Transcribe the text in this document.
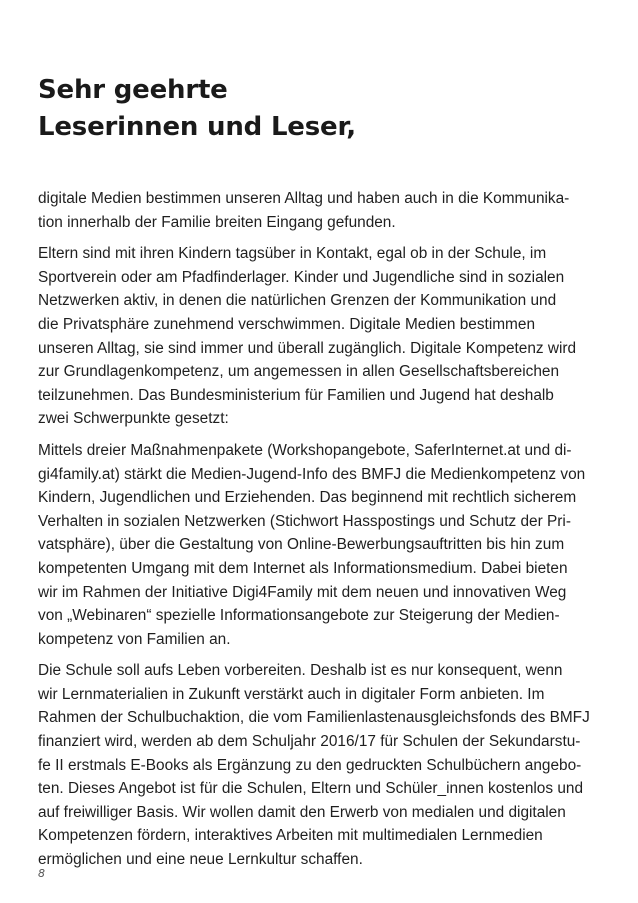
Sehr geehrte
Leserinnen und Leser,

digitale Medien bestimmen unseren Alltag und haben auch in die Kommunika-
tion innerhalb der Familie breiten Eingang gefunden.

Eltern sind mit ihren Kindern tagsüber in Kontakt, egal ob in der Schule, im
Sportverein oder am Pfadfinderlager. Kinder und Jugendliche sind in sozialen
Netzwerken aktiv, in denen die natürlichen Grenzen der Kommunikation und
die Privatsphäre zunehmend verschwimmen. Digitale Medien bestimmen
unseren Alltag, sie sind immer und überall zugänglich. Digitale Kompetenz wird
zur Grundlagenkompetenz, um angemessen in allen Gesellschaftsbereichen
teilzunehmen. Das Bundesministerium für Familien und Jugend hat deshalb
zwei Schwerpunkte gesetzt:

Mittels dreier Maßnahmenpakete (Workshopangebote, SaferInternet.at und di-
gi4family.at) stärkt die Medien-Jugend-Info des BMFJ die Medienkompetenz von
Kindern, Jugendlichen und Erziehenden. Das beginnend mit rechtlich sicherem
Verhalten in sozialen Netzwerken (Stichwort Hasspostings und Schutz der Pri-
vatsphäre), über die Gestaltung von Online-Bewerbungsauftritten bis hin zum
kompetenten Umgang mit dem Internet als Informationsmedium. Dabei bieten
wir im Rahmen der Initiative Digi4Family mit dem neuen und innovativen Weg
von „Webinaren“ spezielle Informationsangebote zur Steigerung der Medien-
kompetenz von Familien an.

Die Schule soll aufs Leben vorbereiten. Deshalb ist es nur konsequent, wenn
wir Lernmaterialien in Zukunft verstärkt auch in digitaler Form anbieten. Im
Rahmen der Schulbuchaktion, die vom Familienlastenausgleichsfonds des BMFJ
finanziert wird, werden ab dem Schuljahr 2016/17 für Schulen der Sekundarstu-
fe II erstmals E-Books als Ergänzung zu den gedruckten Schulbüchern angebo-
ten. Dieses Angebot ist für die Schulen, Eltern und Schüler_innen kostenlos und
auf freiwilliger Basis. Wir wollen damit den Erwerb von medialen und digitalen
Kompetenzen fördern, interaktives Arbeiten mit multimedialen Lernmedien
ermöglichen und eine neue Lernkultur schaffen.

8
